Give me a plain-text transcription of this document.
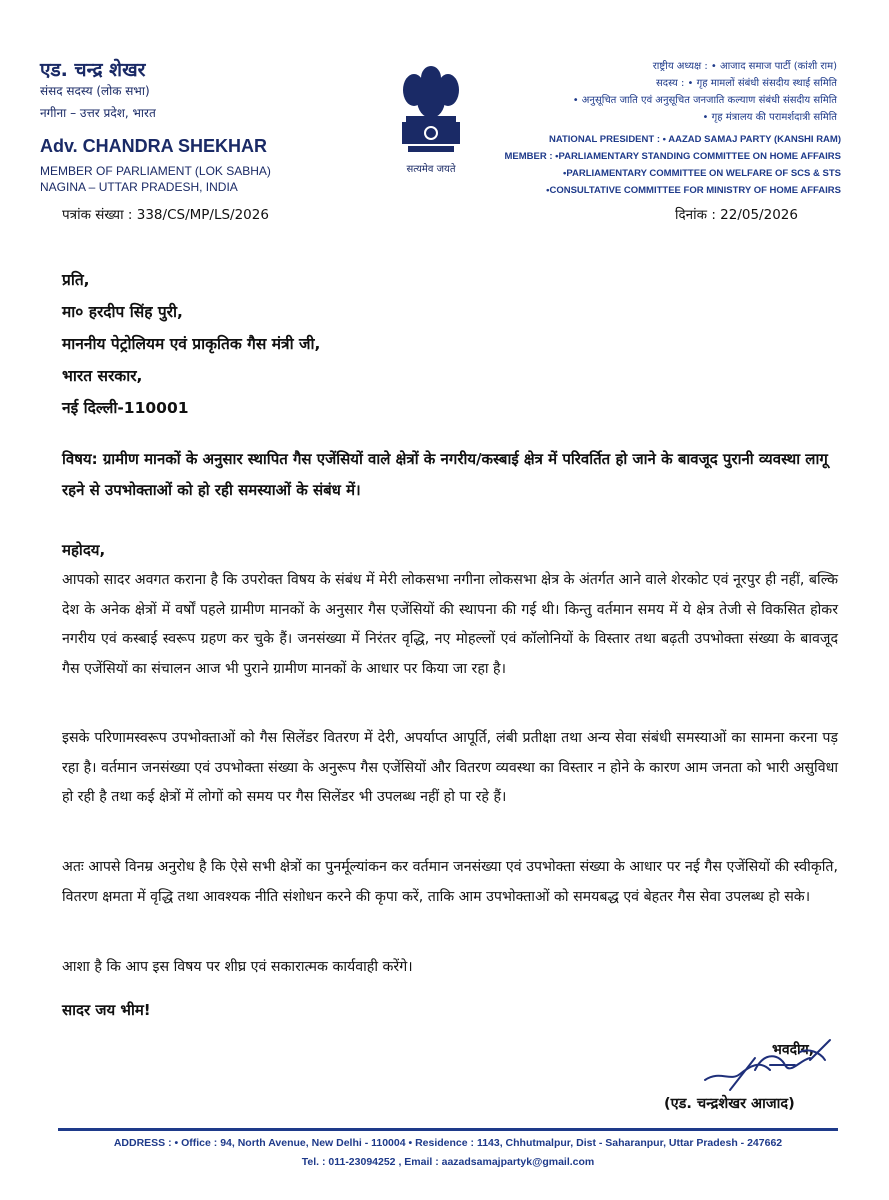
एड. चन्द्र शेखर
संसद सदस्य (लोक सभा)
नगीना – उत्तर प्रदेश, भारत
Adv. CHANDRA SHEKHAR
MEMBER OF PARLIAMENT (LOK SABHA)
NAGINA – UTTAR PRADESH, INDIA
सत्यमेव जयते
राष्ट्रीय अध्यक्ष : • आजाद समाज पार्टी (कांशी राम)
सदस्य : • गृह मामलों संबंधी संसदीय स्थाई समिति
• अनुसूचित जाति एवं अनुसूचित जनजाति कल्याण संबंधी संसदीय समिति
• गृह मंत्रालय की परामर्शदात्री समिति
NATIONAL PRESIDENT : • AAZAD SAMAJ PARTY (KANSHI RAM)
MEMBER : •PARLIAMENTARY STANDING COMMITTEE ON HOME AFFAIRS
•PARLIAMENTARY COMMITTEE ON WELFARE OF SCS & STS
•CONSULTATIVE COMMITTEE FOR MINISTRY OF HOME AFFAIRS
पत्रांक संख्या : 338/CS/MP/LS/2026	दिनांक : 22/05/2026
प्रति,
मा० हरदीप सिंह पुरी,
माननीय पेट्रोलियम एवं प्राकृतिक गैस मंत्री जी,
भारत सरकार,
नई दिल्ली-110001
विषय: ग्रामीण मानकों के अनुसार स्थापित गैस एजेंसियों वाले क्षेत्रों के नगरीय/कस्बाई क्षेत्र में परिवर्तित हो जाने के बावजूद पुरानी व्यवस्था लागू रहने से उपभोक्ताओं को हो रही समस्याओं के संबंध में।
महोदय,

आपको सादर अवगत कराना है कि उपरोक्त विषय के संबंध में मेरी लोकसभा नगीना लोकसभा क्षेत्र के अंतर्गत आने वाले शेरकोट एवं नूरपुर ही नहीं, बल्कि देश के अनेक क्षेत्रों में वर्षों पहले ग्रामीण मानकों के अनुसार गैस एजेंसियों की स्थापना की गई थी। किन्तु वर्तमान समय में ये क्षेत्र तेजी से विकसित होकर नगरीय एवं कस्बाई स्वरूप ग्रहण कर चुके हैं। जनसंख्या में निरंतर वृद्धि, नए मोहल्लों एवं कॉलोनियों के विस्तार तथा बढ़ती उपभोक्ता संख्या के बावजूद गैस एजेंसियों का संचालन आज भी पुराने ग्रामीण मानकों के आधार पर किया जा रहा है।

इसके परिणामस्वरूप उपभोक्ताओं को गैस सिलेंडर वितरण में देरी, अपर्याप्त आपूर्ति, लंबी प्रतीक्षा तथा अन्य सेवा संबंधी समस्याओं का सामना करना पड़ रहा है। वर्तमान जनसंख्या एवं उपभोक्ता संख्या के अनुरूप गैस एजेंसियों और वितरण व्यवस्था का विस्तार न होने के कारण आम जनता को भारी असुविधा हो रही है तथा कई क्षेत्रों में लोगों को समय पर गैस सिलेंडर भी उपलब्ध नहीं हो पा रहे हैं।

अतः आपसे विनम्र अनुरोध है कि ऐसे सभी क्षेत्रों का पुनर्मूल्यांकन कर वर्तमान जनसंख्या एवं उपभोक्ता संख्या के आधार पर नई गैस एजेंसियों की स्वीकृति, वितरण क्षमता में वृद्धि तथा आवश्यक नीति संशोधन करने की कृपा करें, ताकि आम उपभोक्ताओं को समयबद्ध एवं बेहतर गैस सेवा उपलब्ध हो सके।

आशा है कि आप इस विषय पर शीघ्र एवं सकारात्मक कार्यवाही करेंगे।

सादर जय भीम!
भवदीय,
(एड. चन्द्रशेखर आजाद)
ADDRESS : • Office : 94, North Avenue, New Delhi - 110004 • Residence : 1143, Chhutmalpur, Dist - Saharanpur, Uttar Pradesh - 247662
Tel. : 011-23094252 , Email : aazadsamajpartyk@gmail.com
